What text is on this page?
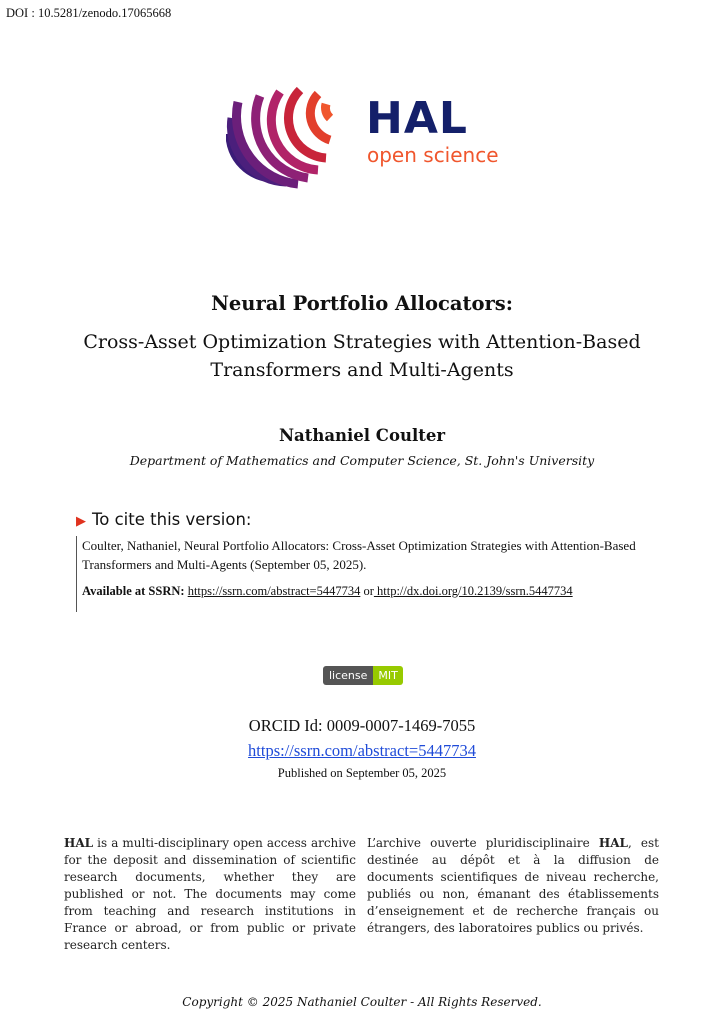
DOI : 10.5281/zenodo.17065668
HAL
open science
Neural Portfolio Allocators:
Cross-Asset Optimization Strategies with Attention-Based Transformers and Multi-Agents
Nathaniel Coulter
Department of Mathematics and Computer Science, St. John's University
▶ To cite this version:
Coulter, Nathaniel, Neural Portfolio Allocators: Cross-Asset Optimization Strategies with Attention-Based Transformers and Multi-Agents (September 05, 2025).
Available at SSRN: https://ssrn.com/abstract=5447734 or http://dx.doi.org/10.2139/ssrn.5447734
license	MIT
ORCID Id: 0009-0007-1469-7055
https://ssrn.com/abstract=5447734
Published on September 05, 2025
HAL is a multi-disciplinary open access archive for the deposit and dissemination of scientific research documents, whether they are published or not. The documents may come from teaching and research institutions in France or abroad, or from public or private research centers.
L’archive ouverte pluridisciplinaire HAL, est destinée au dépôt et à la diffusion de documents scientifiques de niveau recherche, publiés ou non, émanant des établissements d’enseignement et de recherche français ou étrangers, des laboratoires publics ou privés.
Copyright © 2025 Nathaniel Coulter - All Rights Reserved.
